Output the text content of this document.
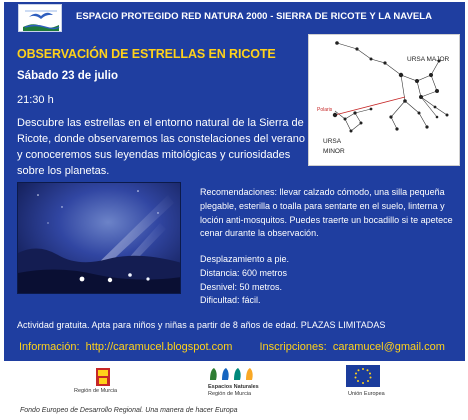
ESPACIO PROTEGIDO RED NATURA 2000 - SIERRA DE RICOTE Y LA NAVELA
OBSERVACIÓN DE ESTRELLAS EN RICOTE
Sábado 23 de julio
21:30 h
Descubre las estrellas en el entorno natural de la Sierra de Ricote, donde observaremos las constelaciones del verano y conoceremos sus leyendas mitológicas y curiosidades sobre los planetas.
URSA MAJOR
URSA
MINOR
Polaris
Recomendaciones: llevar calzado cómodo, una silla pequeña plegable, esterilla o toalla para sentarte en el suelo, linterna y loción anti-mosquitos. Puedes traerte un bocadillo si te apetece cenar durante la observación.
Desplazamiento a pie.
Distancia: 600 metros
Desnivel: 50 metros.
Dificultad: fácil.
Actividad gratuita. Apta para niños y niñas a partir de 8 años de edad. PLAZAS LIMITADAS
Información: http://caramucel.blogspot.com Inscripciones: caramucel@gmail.com
Región de Murcia
Espacios Naturales
Región de Murcia	Unión Europea
Fondo Europeo de Desarrollo Regional. Una manera de hacer Europa
